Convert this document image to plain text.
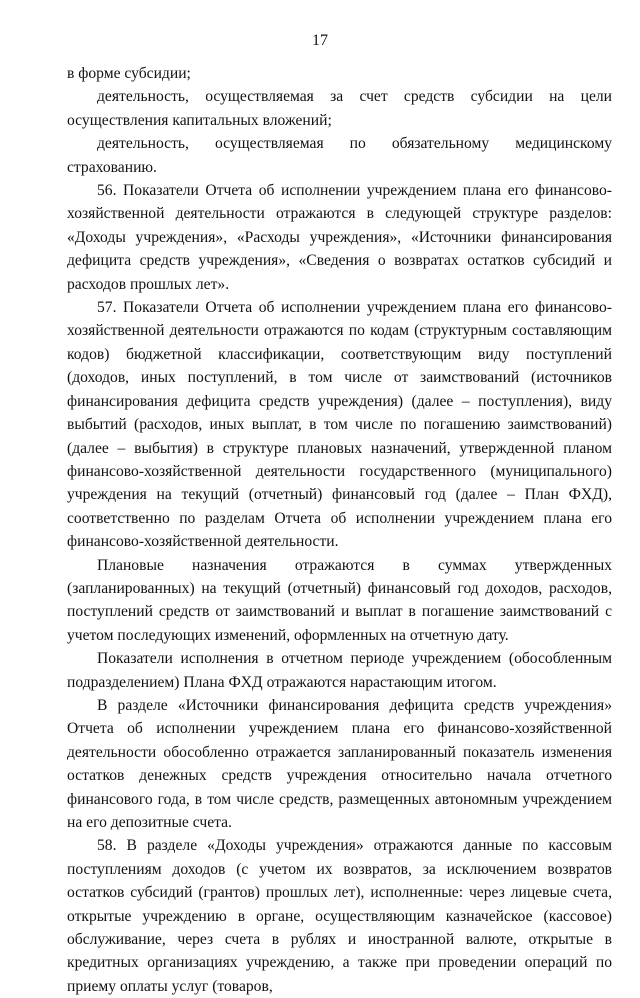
17

в форме субсидии;

деятельность, осуществляемая за счет средств субсидии на цели осуществления капитальных вложений;

деятельность, осуществляемая по обязательному медицинскому страхованию.

56. Показатели Отчета об исполнении учреждением плана его финансово-хозяйственной деятельности отражаются в следующей структуре разделов: «Доходы учреждения», «Расходы учреждения», «Источники финансирования дефицита средств учреждения», «Сведения о возвратах остатков субсидий и расходов прошлых лет».

57. Показатели Отчета об исполнении учреждением плана его финансово-хозяйственной деятельности отражаются по кодам (структурным составляющим кодов) бюджетной классификации, соответствующим виду поступлений (доходов, иных поступлений, в том числе от заимствований (источников финансирования дефицита средств учреждения) (далее – поступления), виду выбытий (расходов, иных выплат, в том числе по погашению заимствований) (далее – выбытия) в структуре плановых назначений, утвержденной планом финансово-хозяйственной деятельности государственного (муниципального) учреждения на текущий (отчетный) финансовый год (далее – План ФХД), соответственно по разделам Отчета об исполнении учреждением плана его финансово-хозяйственной деятельности.

Плановые назначения отражаются в суммах утвержденных (запланированных) на текущий (отчетный) финансовый год доходов, расходов, поступлений средств от заимствований и выплат в погашение заимствований с учетом последующих изменений, оформленных на отчетную дату.

Показатели исполнения в отчетном периоде учреждением (обособленным подразделением) Плана ФХД отражаются нарастающим итогом.

В разделе «Источники финансирования дефицита средств учреждения» Отчета об исполнении учреждением плана его финансово-хозяйственной деятельности обособленно отражается запланированный показатель изменения остатков денежных средств учреждения относительно начала отчетного финансового года, в том числе средств, размещенных автономным учреждением на его депозитные счета.

58. В разделе «Доходы учреждения» отражаются данные по кассовым поступлениям доходов (с учетом их возвратов, за исключением возвратов остатков субсидий (грантов) прошлых лет), исполненные: через лицевые счета, открытые учреждению в органе, осуществляющим казначейское (кассовое) обслуживание, через счета в рублях и иностранной валюте, открытые в кредитных организациях учреждению, а также при проведении операций по приему оплаты услуг (товаров,
